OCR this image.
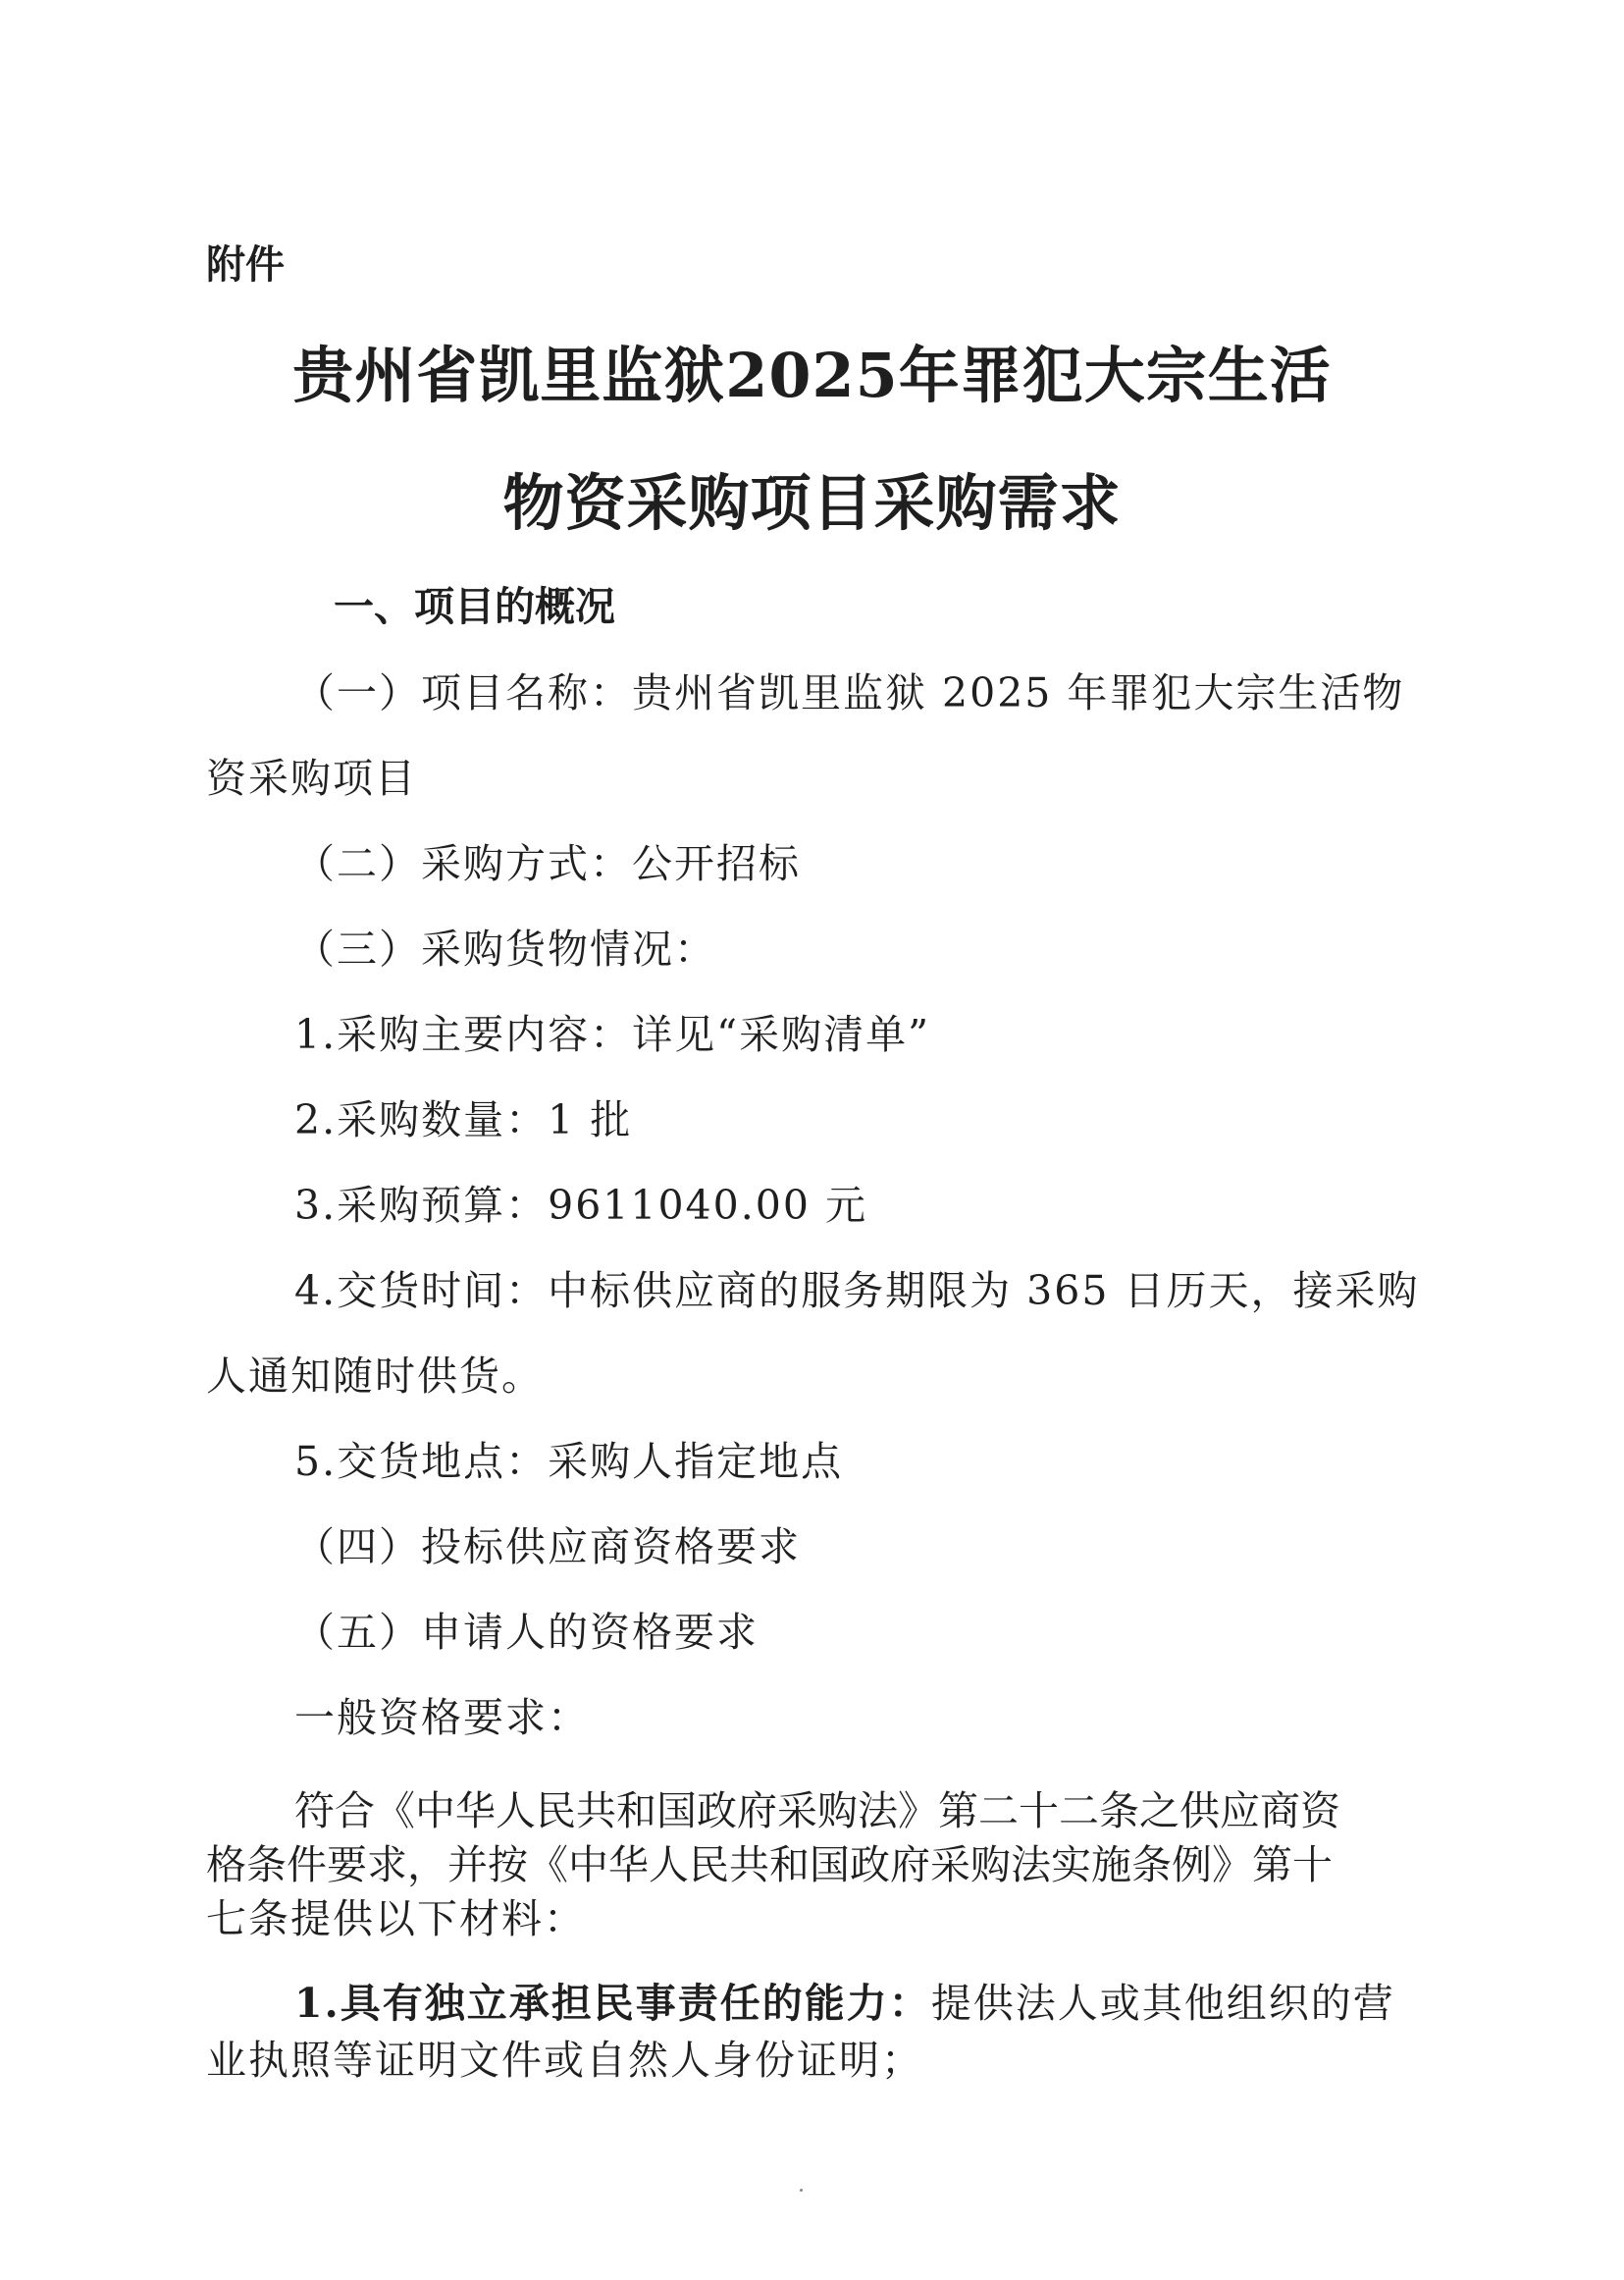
附件

贵州省凯里监狱2025年罪犯大宗生活

物资采购项目采购需求

一、项目的概况

（一）项目名称：贵州省凯里监狱 2025 年罪犯大宗生活物

资采购项目

（二）采购方式：公开招标

（三）采购货物情况：

1.采购主要内容：详见“采购清单”

2.采购数量：1 批

3.采购预算：9611040.00 元

4.交货时间：中标供应商的服务期限为 365 日历天，接采购

人通知随时供货。

5.交货地点：采购人指定地点

（四）投标供应商资格要求

（五）申请人的资格要求

一般资格要求：

符合《中华人民共和国政府采购法》第二十二条之供应商资

格条件要求，并按《中华人民共和国政府采购法实施条例》第十

七条提供以下材料：

1.具有独立承担民事责任的能力：提供法人或其他组织的营

业执照等证明文件或自然人身份证明；
